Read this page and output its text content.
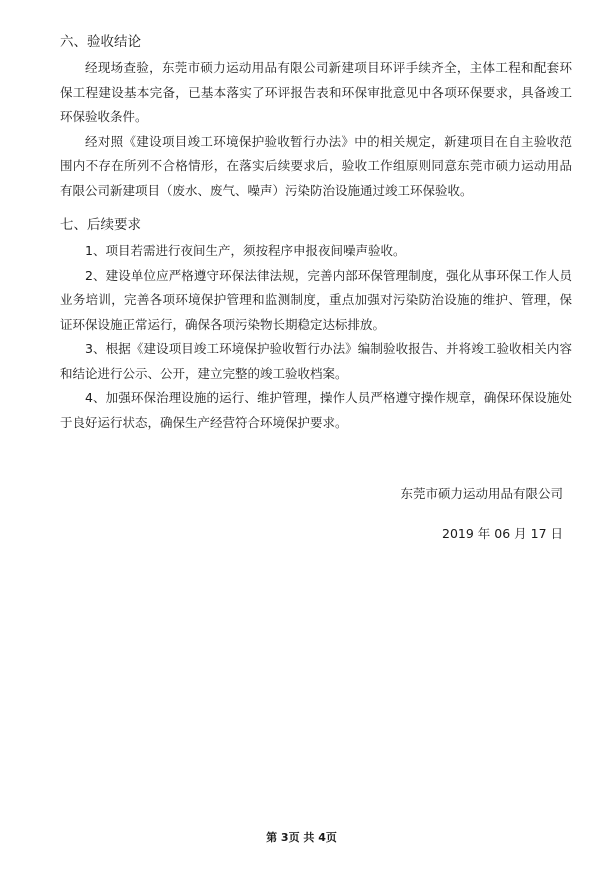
六、验收结论

经现场查验，东莞市硕力运动用品有限公司新建项目环评手续齐全，主体工程和配套环保工程建设基本完备，已基本落实了环评报告表和环保审批意见中各项环保要求，具备竣工环保验收条件。

经对照《建设项目竣工环境保护验收暂行办法》中的相关规定，新建项目在自主验收范围内不存在所列不合格情形，在落实后续要求后，验收工作组原则同意东莞市硕力运动用品有限公司新建项目（废水、废气、噪声）污染防治设施通过竣工环保验收。

七、后续要求

1、项目若需进行夜间生产，须按程序申报夜间噪声验收。

2、建设单位应严格遵守环保法律法规，完善内部环保管理制度，强化从事环保工作人员业务培训，完善各项环境保护管理和监测制度，重点加强对污染防治设施的维护、管理，保证环保设施正常运行，确保各项污染物长期稳定达标排放。

3、根据《建设项目竣工环境保护验收暂行办法》编制验收报告、并将竣工验收相关内容和结论进行公示、公开，建立完整的竣工验收档案。

4、加强环保治理设施的运行、维护管理，操作人员严格遵守操作规章，确保环保设施处于良好运行状态，确保生产经营符合环境保护要求。

东莞市硕力运动用品有限公司
2019 年 06 月 17 日
第 3页 共 4页
